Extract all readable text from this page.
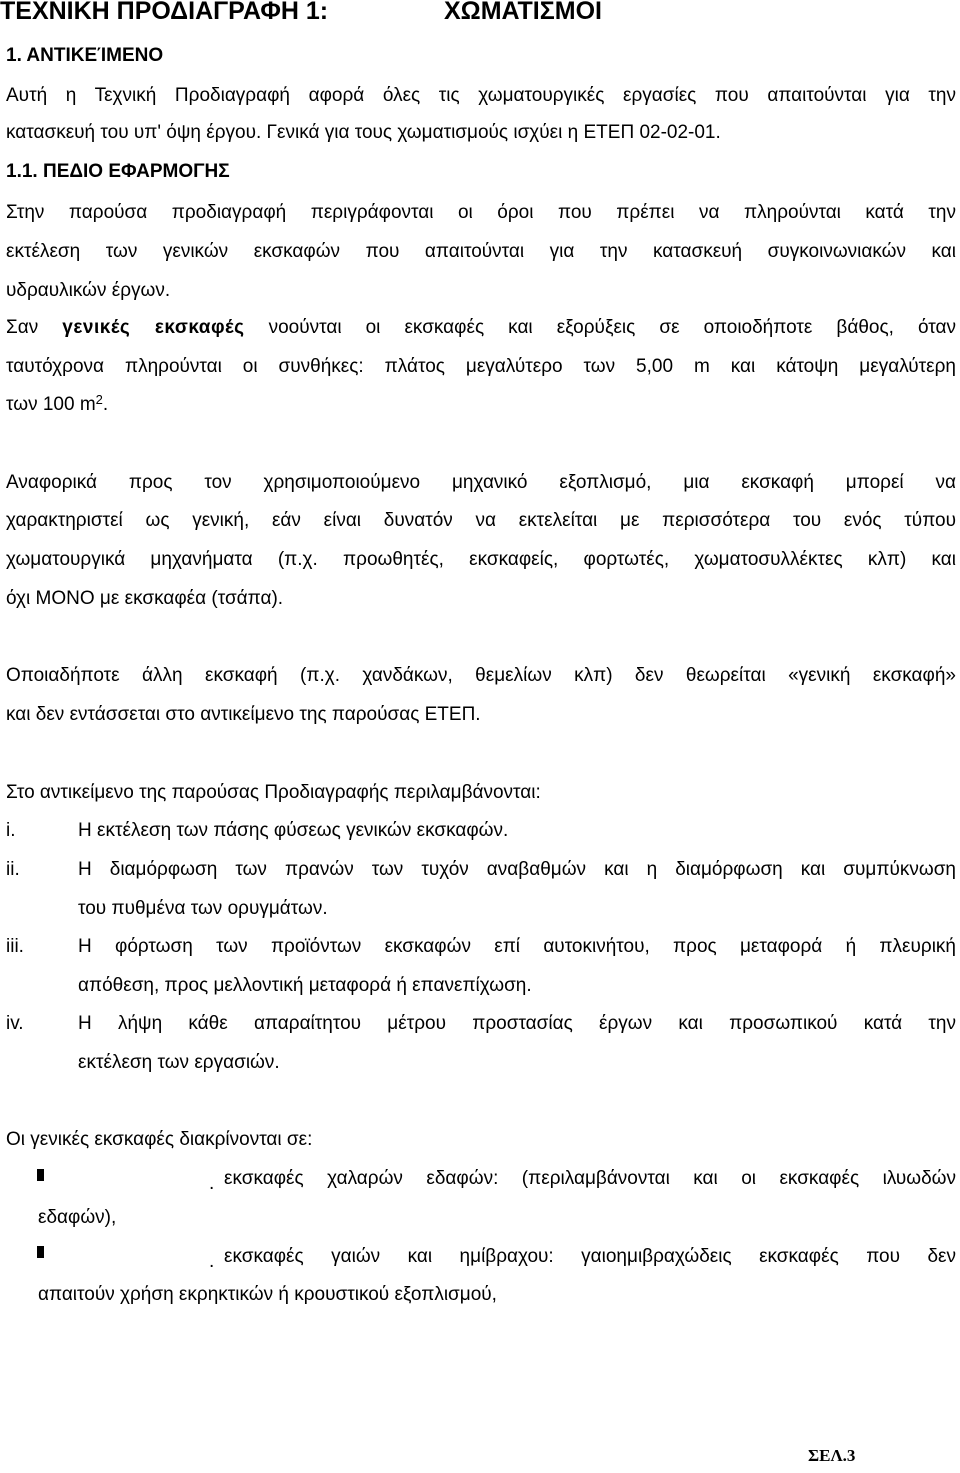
ΤΕΧΝΙΚΗ ΠΡΟΔΙΑΓΡΑΦΗ 1:	ΧΩΜΑΤΙΣΜΟΙ
1. ΑΝΤΙΚΕΊΜΕΝΟ
Αυτή η Τεχνική Προδιαγραφή αφορά όλες τις χωματουργικές εργασίες που απαιτούνται για την
κατασκευή του υπ' όψη έργου. Γενικά για τους χωματισμούς ισχύει η ΕΤΕΠ 02-02-01.
1.1. ΠΕΔΙΟ ΕΦΑΡΜΟΓΗΣ
Στην παρούσα προδιαγραφή περιγράφονται οι όροι που πρέπει να πληρούνται κατά την
εκτέλεση των γενικών εκσκαφών που απαιτούνται για την κατασκευή συγκοινωνιακών και
υδραυλικών έργων.
Σαν γενικές εκσκαφές νοούνται οι εκσκαφές και εξορύξεις σε οποιοδήποτε βάθος, όταν
ταυτόχρονα πληρούνται οι συνθήκες: πλάτος μεγαλύτερο των 5,00 m και κάτοψη μεγαλύτερη
των 100 $m^2$.
Αναφορικά προς τον χρησιμοποιούμενο μηχανικό εξοπλισμό, μια εκσκαφή μπορεί να
χαρακτηριστεί ως γενική, εάν είναι δυνατόν να εκτελείται με περισσότερα του ενός τύπου
χωματουργικά μηχανήματα (π.χ. προωθητές, εκσκαφείς, φορτωτές, χωματοσυλλέκτες κλπ) και
όχι ΜΟΝΟ με εκσκαφέα (τσάπα).
Οποιαδήποτε άλλη εκσκαφή (π.χ. χανδάκων, θεμελίων κλπ) δεν θεωρείται «γενική εκσκαφή»
και δεν εντάσσεται στο αντικείμενο της παρούσας ΕΤΕΠ.
Στο αντικείμενο της παρούσας Προδιαγραφής περιλαμβάνονται:
i.	Η εκτέλεση των πάσης φύσεως γενικών εκσκαφών.
ii.	Η διαμόρφωση των πρανών των τυχόν αναβαθμών και η διαμόρφωση και συμπύκνωση
του πυθμένα των ορυγμάτων.
iii.	Η φόρτωση των προϊόντων εκσκαφών επί αυτοκινήτου, προς μεταφορά ή πλευρική
απόθεση, προς μελλοντική μεταφορά ή επανεπίχωση.
iv.	Η λήψη κάθε απαραίτητου μέτρου προστασίας έργων και προσωπικού κατά την
εκτέλεση των εργασιών.
Οι γενικές εκσκαφές διακρίνονται σε:
. εκσκαφές χαλαρών εδαφών: (περιλαμβάνονται και οι εκσκαφές ιλυωδών
εδαφών),
. εκσκαφές γαιών και ημίβραχου: γαιοημιβραχώδεις εκσκαφές που δεν
απαιτούν χρήση εκρηκτικών ή κρουστικού εξοπλισμού,
ΣΕΛ.3
